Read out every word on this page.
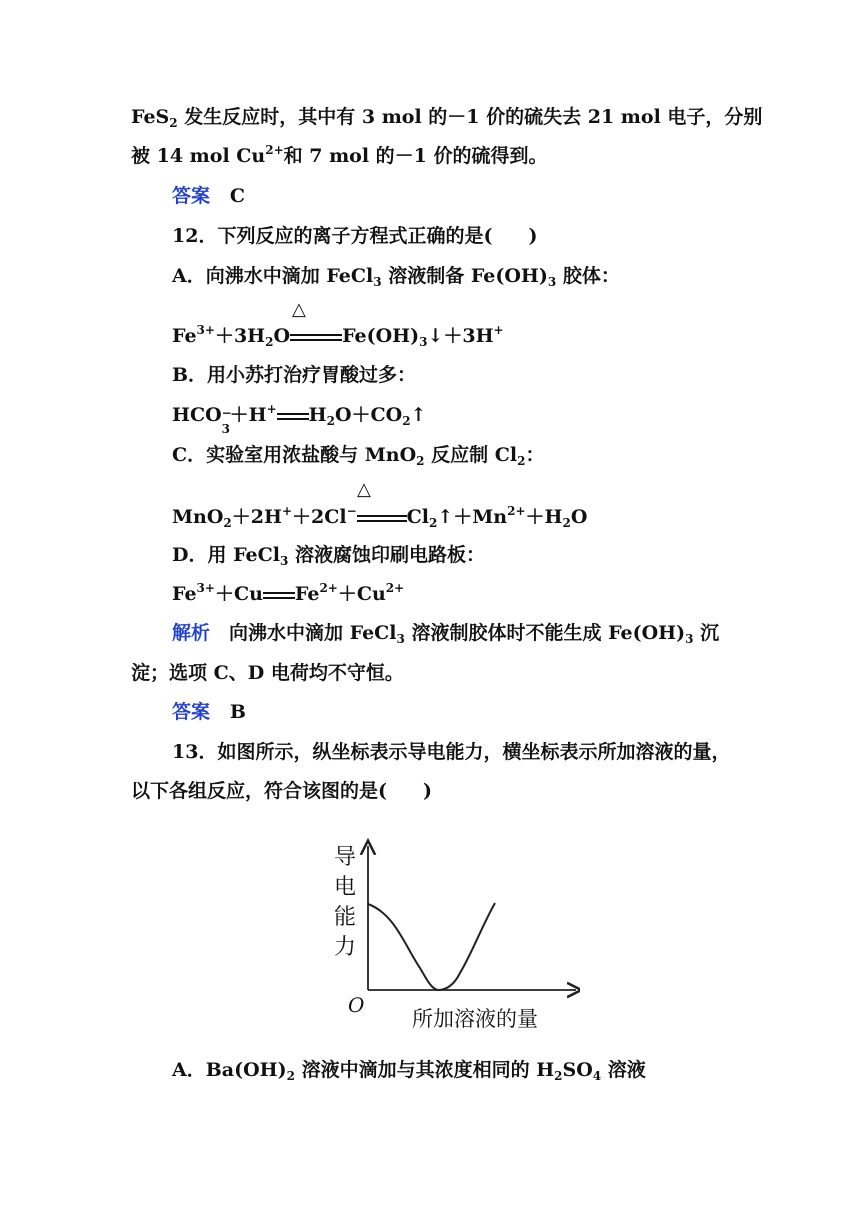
FeS$_2$ 发生反应时，其中有 3 mol 的－1 价的硫失去 21 mol 电子，分别
被 14 mol $Cu^{2+}$和 7 mol 的－1 价的硫得到。
答案 C
12．下列反应的离子方程式正确的是( )
A．向沸水中滴加 FeCl$_3$ 溶液制备 $Fe(OH)_3$ 胶体：
△
$Fe^{3+}+3H_2O$	$Fe(OH)_3↓+3H^+$
B．用小苏打治疗胃酸过多：
HCO −
3
＋H+ $H_2O+CO_2↑$
C．实验室用浓盐酸与 MnO$_2$ 反应制 $Cl_2$：
△
MnO$_2$＋2H+＋2Cl−	$Cl_2↑+Mn^{2+}+H_2O$
D．用 FeCl$_3$ 溶液腐蚀印刷电路板：
$Fe^{3+}+Cu$ $Fe^{2+}+Cu^{2+}$
解析　向沸水中滴加 FeCl$_3$ 溶液制胶体时不能生成 $Fe(OH)_3$ 沉
淀；选项 C、D 电荷均不守恒。
答案 B
13．如图所示，纵坐标表示导电能力，横坐标表示所加溶液的量，
以下各组反应，符合该图的是( )
导
电
能
力
O
所加溶液的量
A．$Ba(OH)_2$ 溶液中滴加与其浓度相同的 $H_2SO_4$ 溶液
